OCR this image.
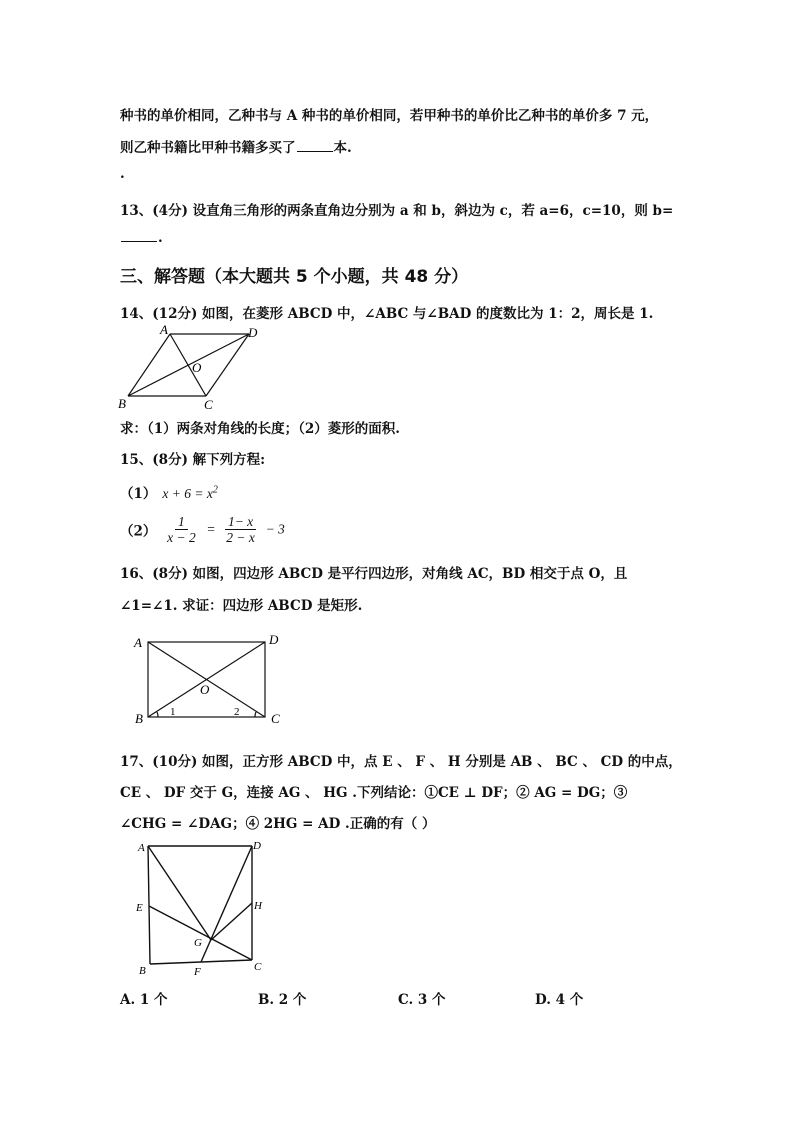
种书的单价相同，乙种书与 A 种书的单价相同，若甲种书的单价比乙种书的单价多 7 元，
则乙种书籍比甲种书籍多买了	本.
.
13、(4分) 设直角三角形的两条直角边分别为 a 和 b，斜边为 c，若 a=6，c=10，则 b=
.
三、解答题（本大题共 5 个小题，共 48 分）
14、(12分) 如图，在菱形 ABCD 中，∠ABC 与∠BAD 的度数比为 1：2，周长是 1.
A	D
O
B	C
求：（1）两条对角线的长度；（2）菱形的面积.
15、(8分) 解下列方程:
（1） $x + 6 = x^2$
$(2) \frac{1}{x - 2} = \frac{1- x}{2 - x} - 3$
16、(8分) 如图，四边形 ABCD 是平行四边形，对角线 AC，BD 相交于点 O，且
∠1=∠1. 求证：四边形 ABCD 是矩形.
A	D
O
B	C
1	2
17、(10分) 如图，正方形 ABCD 中，点 E 、 F 、 H 分别是 AB 、 BC 、 CD 的中点，
CE 、 DF 交于 G，连接 AG 、 HG .下列结论：①CE ⊥ DF；② AG = DG；③
∠CHG = ∠DAG；④ 2HG = AD .正确的有（ ）
A	D
E	H
G
B	F	C
A. 1 个	B. 2 个	C. 3 个	D. 4 个
